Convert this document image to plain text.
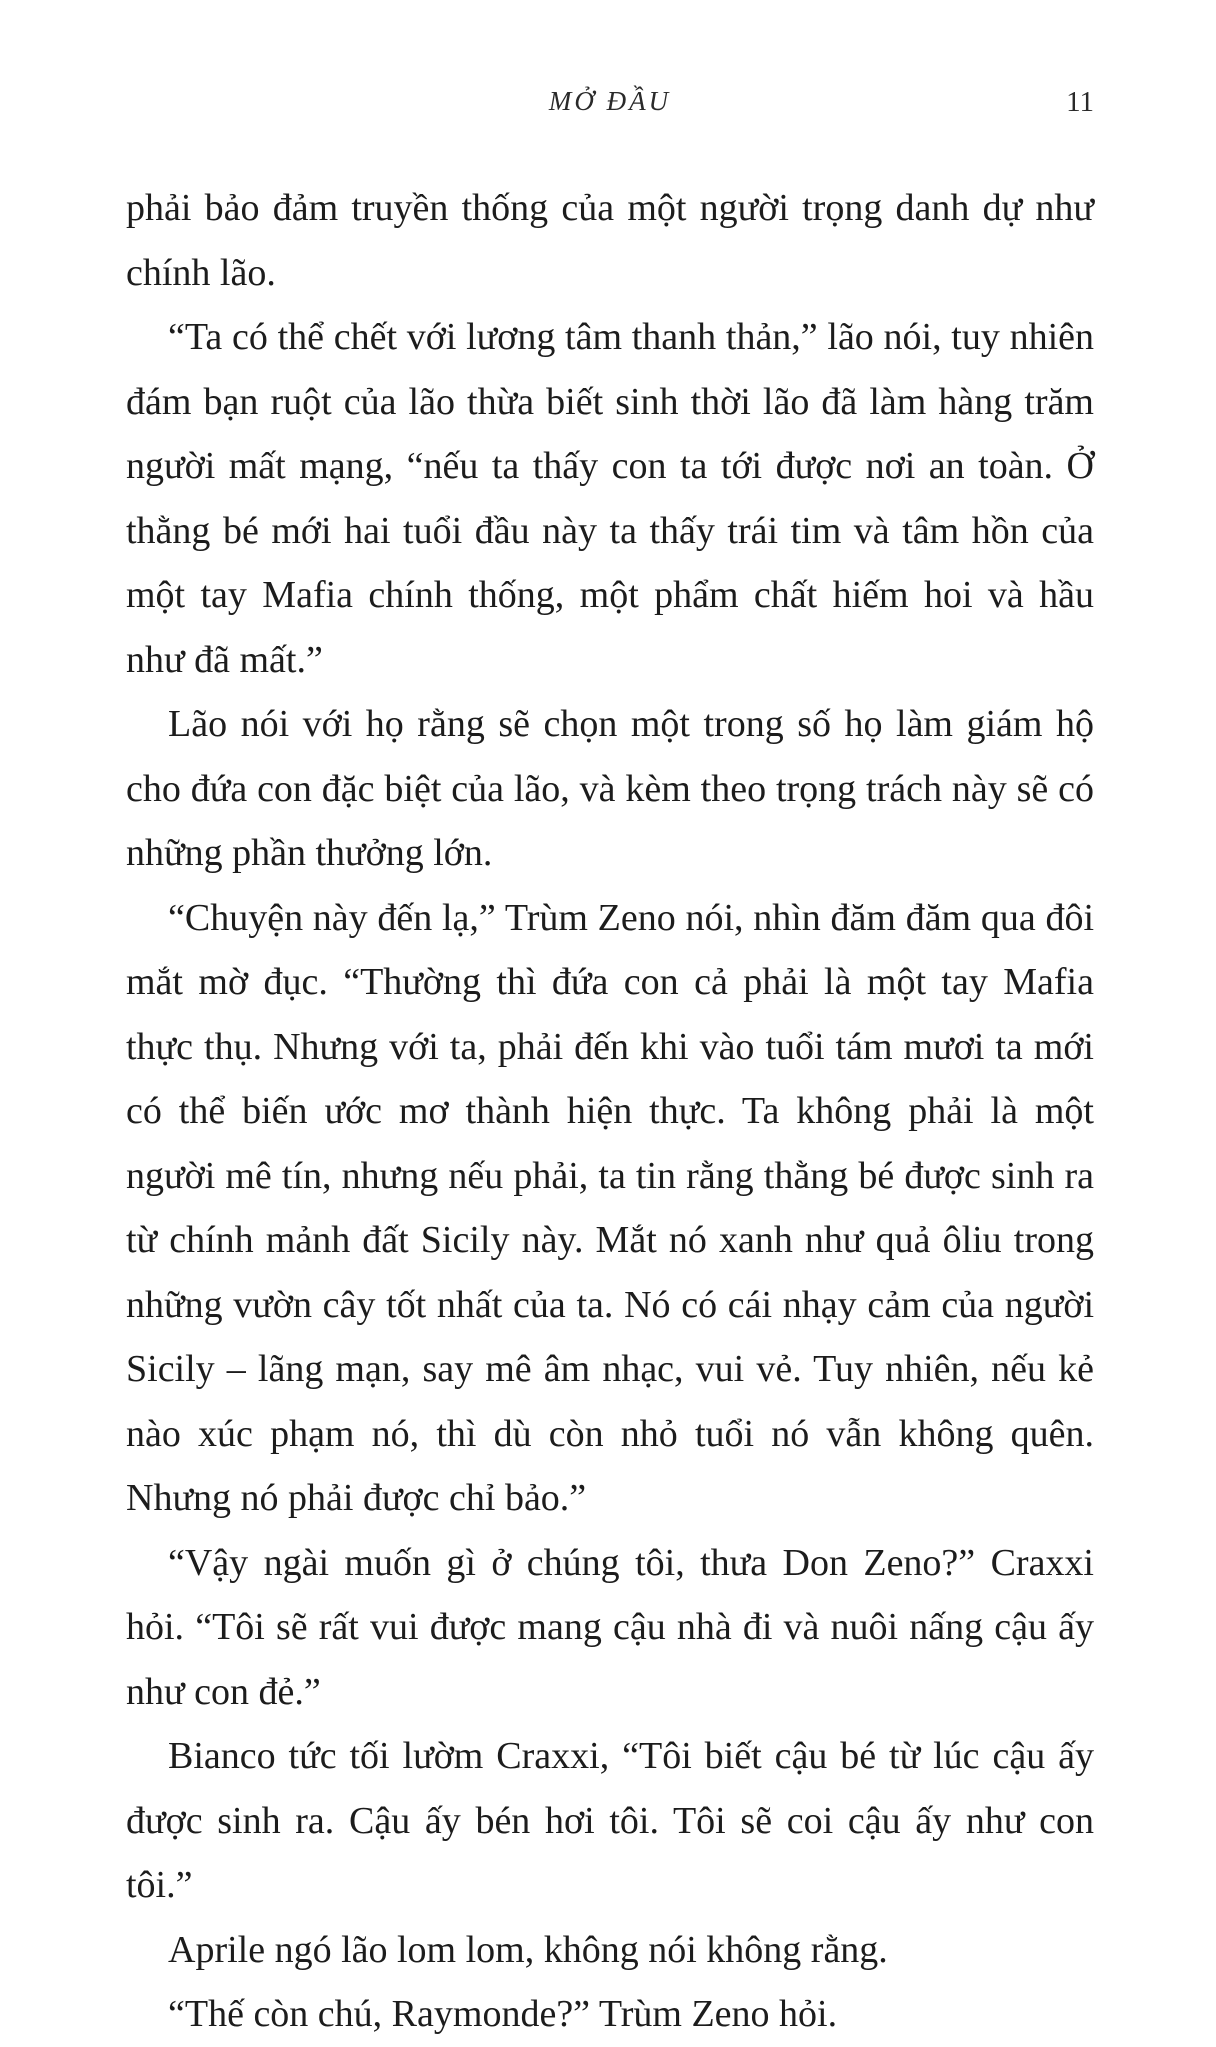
MỞ ĐẦU	11

phải bảo đảm truyền thống của một người trọng danh dự như chính lão.

“Ta có thể chết với lương tâm thanh thản,” lão nói, tuy nhiên đám bạn ruột của lão thừa biết sinh thời lão đã làm hàng trăm người mất mạng, “nếu ta thấy con ta tới được nơi an toàn. Ở thằng bé mới hai tuổi đầu này ta thấy trái tim và tâm hồn của một tay Mafia chính thống, một phẩm chất hiếm hoi và hầu như đã mất.”

Lão nói với họ rằng sẽ chọn một trong số họ làm giám hộ cho đứa con đặc biệt của lão, và kèm theo trọng trách này sẽ có những phần thưởng lớn.

“Chuyện này đến lạ,” Trùm Zeno nói, nhìn đăm đăm qua đôi mắt mờ đục. “Thường thì đứa con cả phải là một tay Mafia thực thụ. Nhưng với ta, phải đến khi vào tuổi tám mươi ta mới có thể biến ước mơ thành hiện thực. Ta không phải là một người mê tín, nhưng nếu phải, ta tin rằng thằng bé được sinh ra từ chính mảnh đất Sicily này. Mắt nó xanh như quả ôliu trong những vườn cây tốt nhất của ta. Nó có cái nhạy cảm của người Sicily – lãng mạn, say mê âm nhạc, vui vẻ. Tuy nhiên, nếu kẻ nào xúc phạm nó, thì dù còn nhỏ tuổi nó vẫn không quên. Nhưng nó phải được chỉ bảo.”

“Vậy ngài muốn gì ở chúng tôi, thưa Don Zeno?” Craxxi hỏi. “Tôi sẽ rất vui được mang cậu nhà đi và nuôi nấng cậu ấy như con đẻ.”

Bianco tức tối lườm Craxxi, “Tôi biết cậu bé từ lúc cậu ấy được sinh ra. Cậu ấy bén hơi tôi. Tôi sẽ coi cậu ấy như con tôi.”

Aprile ngó lão lom lom, không nói không rằng.

“Thế còn chú, Raymonde?” Trùm Zeno hỏi.
